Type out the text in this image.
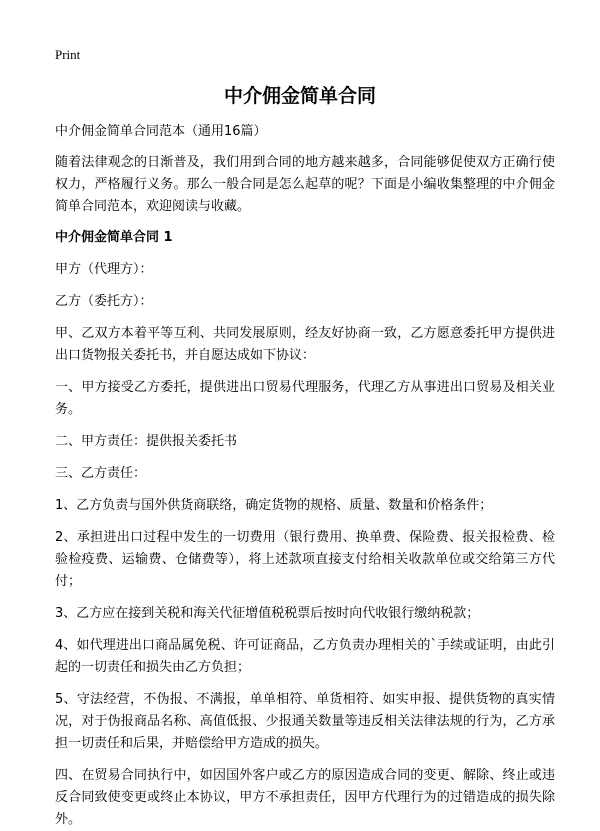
Print
中介佣金简单合同

中介佣金简单合同范本（通用16篇）

随着法律观念的日渐普及，我们用到合同的地方越来越多，合同能够促使双方正确行使权力，严格履行义务。那么一般合同是怎么起草的呢？下面是小编收集整理的中介佣金简单合同范本，欢迎阅读与收藏。

中介佣金简单合同 1

甲方（代理方）：

乙方（委托方）：

甲、乙双方本着平等互利、共同发展原则，经友好协商一致，乙方愿意委托甲方提供进出口货物报关委托书，并自愿达成如下协议：

一、甲方接受乙方委托，提供进出口贸易代理服务，代理乙方从事进出口贸易及相关业务。

二、甲方责任：提供报关委托书

三、乙方责任：

1、乙方负责与国外供货商联络，确定货物的规格、质量、数量和价格条件；

2、承担进出口过程中发生的一切费用（银行费用、换单费、保险费、报关报检费、检验检疫费、运输费、仓储费等），将上述款项直接支付给相关收款单位或交给第三方代付；

3、乙方应在接到关税和海关代征增值税税票后按时向代收银行缴纳税款；

4、如代理进出口商品属免税、许可证商品，乙方负责办理相关的`手续或证明，由此引起的一切责任和损失由乙方负担；

5、守法经营，不伪报、不满报，单单相符、单货相符、如实申报、提供货物的真实情况，对于伪报商品名称、高值低报、少报通关数量等违反相关法律法规的行为，乙方承担一切责任和后果，并赔偿给甲方造成的损失。

四、在贸易合同执行中，如因国外客户或乙方的原因造成合同的变更、解除、终止或违反合同致使变更或终止本协议，甲方不承担责任，因甲方代理行为的过错造成的损失除外。
